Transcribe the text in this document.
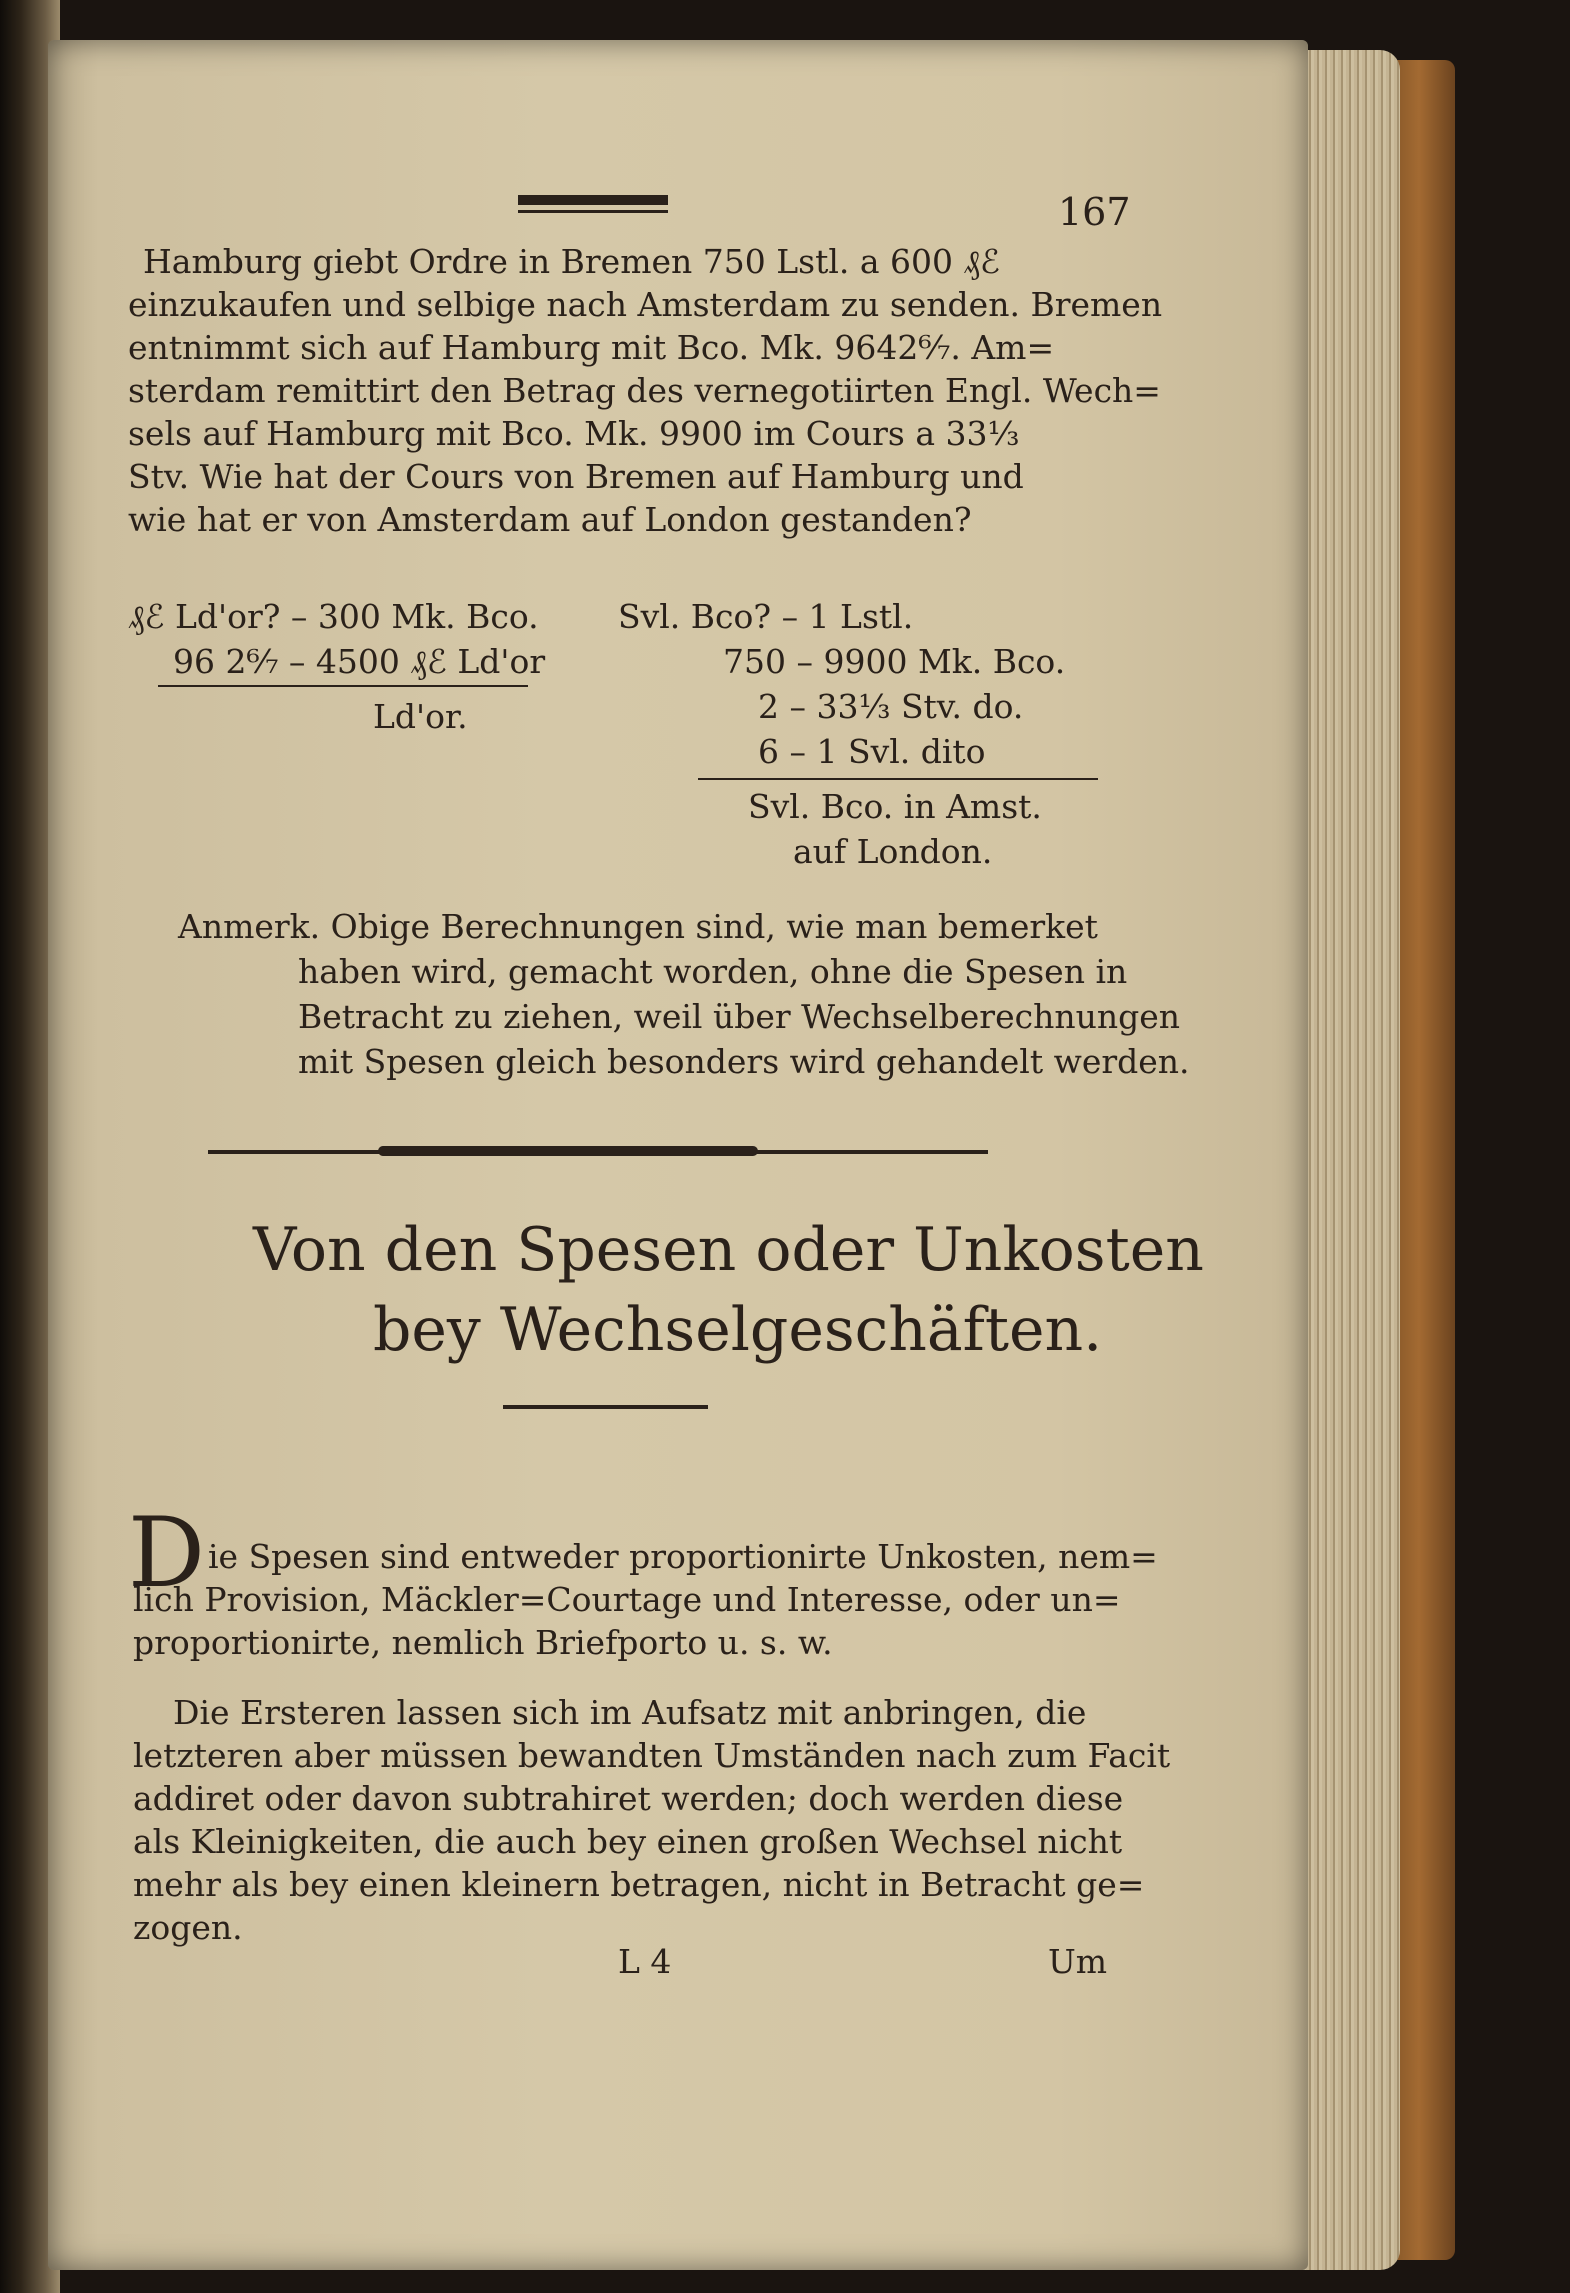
167
Hamburg giebt Ordre in Bremen 750 Lstl. a 600 ₰ℰ
einzukaufen und selbige nach Amsterdam zu senden. Bremen
entnimmt sich auf Hamburg mit Bco. Mk. 9642⁶⁄₇. Am=
sterdam remittirt den Betrag des vernegotiirten Engl. Wech=
sels auf Hamburg mit Bco. Mk. 9900 im Cours a 33⅓
Stv. Wie hat der Cours von Bremen auf Hamburg und
wie hat er von Amsterdam auf London gestanden?
₰ℰ Ld'or? – 300 Mk. Bco.
96 2⁶⁄₇ – 4500 ₰ℰ Ld'or
Ld'or.
Svl. Bco? – 1 Lstl.
750 – 9900 Mk. Bco.
2 – 33⅓ Stv. do.
6 – 1 Svl. dito
Svl. Bco. in Amst.
auf London.
Anmerk. Obige Berechnungen sind, wie man bemerket
haben wird, gemacht worden, ohne die Spesen in
Betracht zu ziehen, weil über Wechselberechnungen
mit Spesen gleich besonders wird gehandelt werden.
Von den Spesen oder Unkosten
bey Wechselgeschäften.
D ie Spesen sind entweder proportionirte Unkosten, nem=
lich Provision, Mäckler=Courtage und Interesse, oder un=
proportionirte, nemlich Briefporto u. s. w.
Die Ersteren lassen sich im Aufsatz mit anbringen, die
letzteren aber müssen bewandten Umständen nach zum Facit
addiret oder davon subtrahiret werden; doch werden diese
als Kleinigkeiten, die auch bey einen großen Wechsel nicht
mehr als bey einen kleinern betragen, nicht in Betracht ge=
zogen.
L 4	Um
